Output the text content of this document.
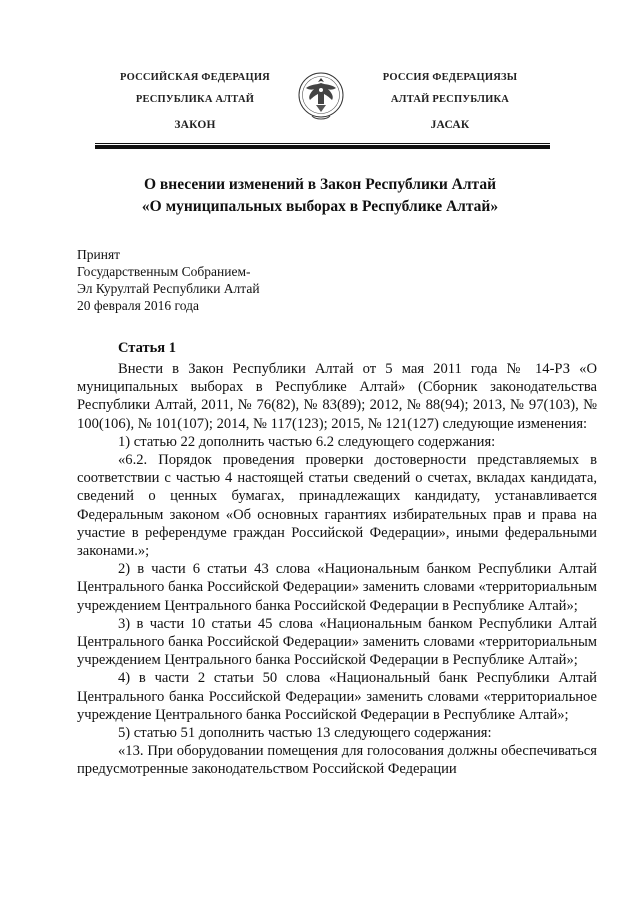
РОССИЙСКАЯ ФЕДЕРАЦИЯ
РЕСПУБЛИКА АЛТАЙ
ЗАКОН
РОССИЯ ФЕДЕРАЦИЯЗЫ
АЛТАЙ РЕСПУБЛИКА
JАСАК
О внесении изменений в Закон Республики Алтай
«О муниципальных выборах в Республике Алтай»
Принят
Государственным Собранием-
Эл Курултай Республики Алтай
20 февраля 2016 года
Статья 1

Внести в Закон Республики Алтай от 5 мая 2011 года № 14-РЗ «О муниципальных выборах в Республике Алтай» (Сборник законодательства Республики Алтай, 2011, № 76(82), № 83(89); 2012, № 88(94); 2013, № 97(103), № 100(106), № 101(107); 2014, № 117(123); 2015, № 121(127) следующие изменения:

1) статью 22 дополнить частью 6.2 следующего содержания:

«6.2. Порядок проведения проверки достоверности представляемых в соответствии с частью 4 настоящей статьи сведений о счетах, вкладах кандидата, сведений о ценных бумагах, принадлежащих кандидату, устанавливается Федеральным законом «Об основных гарантиях избирательных прав и права на участие в референдуме граждан Российской Федерации», иными федеральными законами.»;

2) в части 6 статьи 43 слова «Национальным банком Республики Алтай Центрального банка Российской Федерации» заменить словами «территориальным учреждением Центрального банка Российской Федерации в Республике Алтай»;

3) в части 10 статьи 45 слова «Национальным банком Республики Алтай Центрального банка Российской Федерации» заменить словами «территориальным учреждением Центрального банка Российской Федерации в Республике Алтай»;

4) в части 2 статьи 50 слова «Национальный банк Республики Алтай Центрального банка Российской Федерации» заменить словами «территориальное учреждение Центрального банка Российской Федерации в Республике Алтай»;

5) статью 51 дополнить частью 13 следующего содержания:

«13. При оборудовании помещения для голосования должны обеспечиваться предусмотренные законодательством Российской Федерации
